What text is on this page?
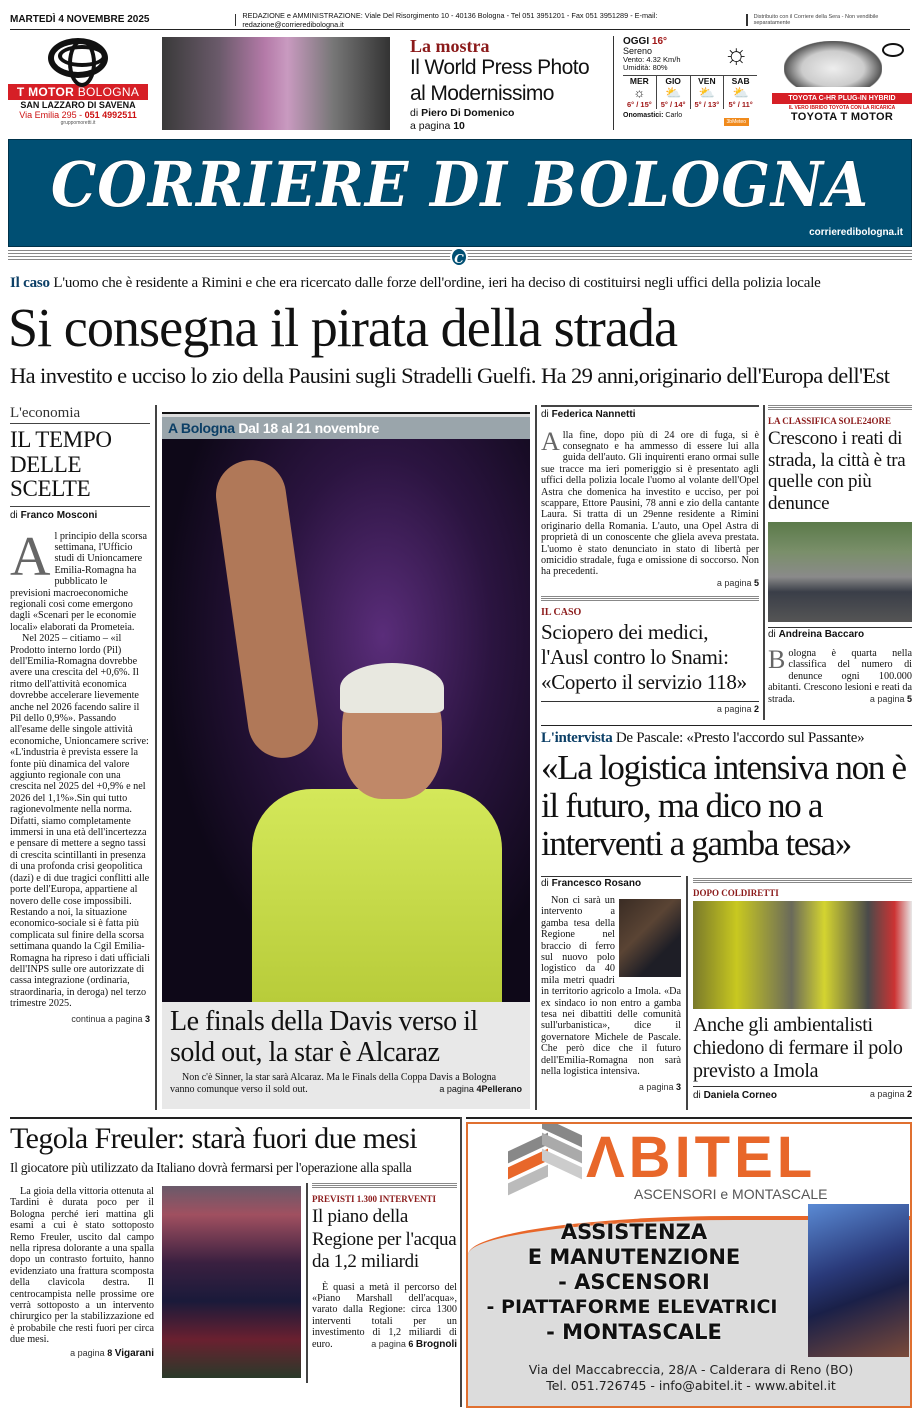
MARTEDÌ 4 NOVEMBRE 2025	REDAZIONE e AMMINISTRAZIONE: Viale Del Risorgimento 10 - 40136 Bologna - Tel 051 3951201 - Fax 051 3951289 - E-mail: redazione@corrieredibologna.it
Distribuito con il Corriere della Sera - Non vendibile separatamente
T MOTOR BOLOGNA
SAN LAZZARO DI SAVENA
Via Emilia 295 - 051 4992511
gruppomoretti.it
La mostra
Il World Press Photo
al Modernissimo
di Piero Di Domenico
a pagina 10
OGGI 16°
Sereno
Vento: 4.32 Km/h
Umidità: 80%	☼
MER
☼
6° / 15°
GIO
⛅
5° / 14°
VEN
⛅
5° / 13°
SAB
⛅
5° / 11°
Onomastici: Carlo
3bMeteo
TOYOTA C-HR PLUG-IN HYBRID
IL VERO IBRIDO TOYOTA CON LA RICARICA
TOYOTA T MOTOR
CORRIERE DI BOLOGNA
corrieredibologna.it
C
Il caso L'uomo che è residente a Rimini e che era ricercato dalle forze dell'ordine, ieri ha deciso di costituirsi negli uffici della polizia locale
Si consegna il pirata della strada
Ha investito e ucciso lo zio della Pausini sugli Stradelli Guelfi. Ha 29 anni,originario dell'Europa dell'Est
L'economia
IL TEMPO DELLE SCELTE
di Franco Mosconi
Al principio della scorsa settimana, l'Ufficio studi di Unioncamere Emilia-Romagna ha pubblicato le previsioni macroeconomiche regionali così come emergono dagli «Scenari per le economie locali» elaborati da Prometeia.
Nel 2025 – citiamo – «il Prodotto interno lordo (Pil) dell'Emilia-Romagna dovrebbe avere una crescita del +0,6%. Il ritmo dell'attività economica dovrebbe accelerare lievemente anche nel 2026 facendo salire il Pil dello 0,9%». Passando all'esame delle singole attività economiche, Unioncamere scrive: «L'industria è prevista essere la fonte più dinamica del valore aggiunto regionale con una crescita nel 2025 del +0,9% e nel 2026 del 1,1%».Sin qui tutto ragionevolmente nella norma. Difatti, siamo completamente immersi in una età dell'incertezza e pensare di mettere a segno tassi di crescita scintillanti in presenza di una profonda crisi geopolitica (dazi) e di due tragici conflitti alle porte dell'Europa, appartiene al novero delle cose impossibili. Restando a noi, la situazione economico-sociale si è fatta più complicata sul finire della scorsa settimana quando la Cgil Emilia-Romagna ha ripreso i dati ufficiali dell'INPS sulle ore autorizzate di cassa integrazione (ordinaria, straordinaria, in deroga) nel terzo trimestre 2025.
continua a pagina 3
A Bologna Dal 18 al 21 novembre
Le finals della Davis verso il sold out, la star è Alcaraz
Non c'è Sinner, la star sarà Alcaraz. Ma le Finals della Coppa Davis a Bologna vanno comunque verso il sold out.	a pagina 4Pellerano
di Federica Nannetti
Alla fine, dopo più di 24 ore di fuga, si è consegnato e ha ammesso di essere lui alla guida dell'auto. Gli inquirenti erano ormai sulle sue tracce ma ieri pomeriggio si è presentato agli uffici della polizia locale l'uomo al volante dell'Opel Astra che domenica ha investito e ucciso, per poi scappare, Ettore Pausini, 78 anni e zio della cantante Laura. Si tratta di un 29enne residente a Rimini originario della Romania. L'auto, una Opel Astra di proprietà di un conoscente che gliela aveva prestata. L'uomo è stato denunciato in stato di libertà per omicidio stradale, fuga e omissione di soccorso. Non ha precedenti.
a pagina 5
IL CASO
Sciopero dei medici, l'Ausl contro lo Snami: «Coperto il servizio 118»
a pagina 2
LA CLASSIFICA SOLE24ORE
Crescono i reati di strada, la città è tra quelle con più denunce
di Andreina Baccaro
Bologna è quarta nella classifica del numero di denunce ogni 100.000 abitanti. Crescono lesioni e reati da strada.	a pagina 5
L'intervista De Pascale: «Presto l'accordo sul Passante»
«La logistica intensiva non è il futuro, ma dico no a interventi a gamba tesa»
di Francesco Rosano
Non ci sarà un intervento a gamba tesa della Regione nel braccio di ferro sul nuovo polo logistico da 40 mila metri quadri in territorio agricolo a Imola. «Da ex sindaco io non entro a gamba tesa nei dibattiti delle comunità sull'urbanistica», dice il governatore Michele de Pascale. Che però dice che il futuro dell'Emilia-Romagna non sarà nella logistica intensiva.
a pagina 3
DOPO COLDIRETTI
Anche gli ambientalisti chiedono di fermare il polo previsto a Imola
di Daniela Corneo	a pagina 2
Tegola Freuler: starà fuori due mesi
Il giocatore più utilizzato da Italiano dovrà fermarsi per l'operazione alla spalla
La gioia della vittoria ottenuta al Tardini è durata poco per il Bologna perché ieri mattina gli esami a cui è stato sottoposto Remo Freuler, uscito dal campo nella ripresa dolorante a una spalla dopo un contrasto fortuito, hanno evidenziato una frattura scomposta della clavicola destra. Il centrocampista nelle prossime ore verrà sottoposto a un intervento chirurgico per la stabilizzazione ed è probabile che resti fuori per circa due mesi.
a pagina 8 Vigarani
PREVISTI 1.300 INTERVENTI
Il piano della Regione per l'acqua da 1,2 miliardi
È quasi a metà il percorso del «Piano Marshall dell'acqua», varato dalla Regione: circa 1300 interventi totali per un investimento di 1,2 miliardi di euro.	a pagina 6 Brognoli
ΛBITEL
ASCENSORI e MONTASCALE
ASSISTENZA
E MANUTENZIONE
- ASCENSORI
- PIATTAFORME ELEVATRICI
- MONTASCALE
Via del Maccabreccia, 28/A - Calderara di Reno (BO)
Tel. 051.726745 - info@abitel.it - www.abitel.it
